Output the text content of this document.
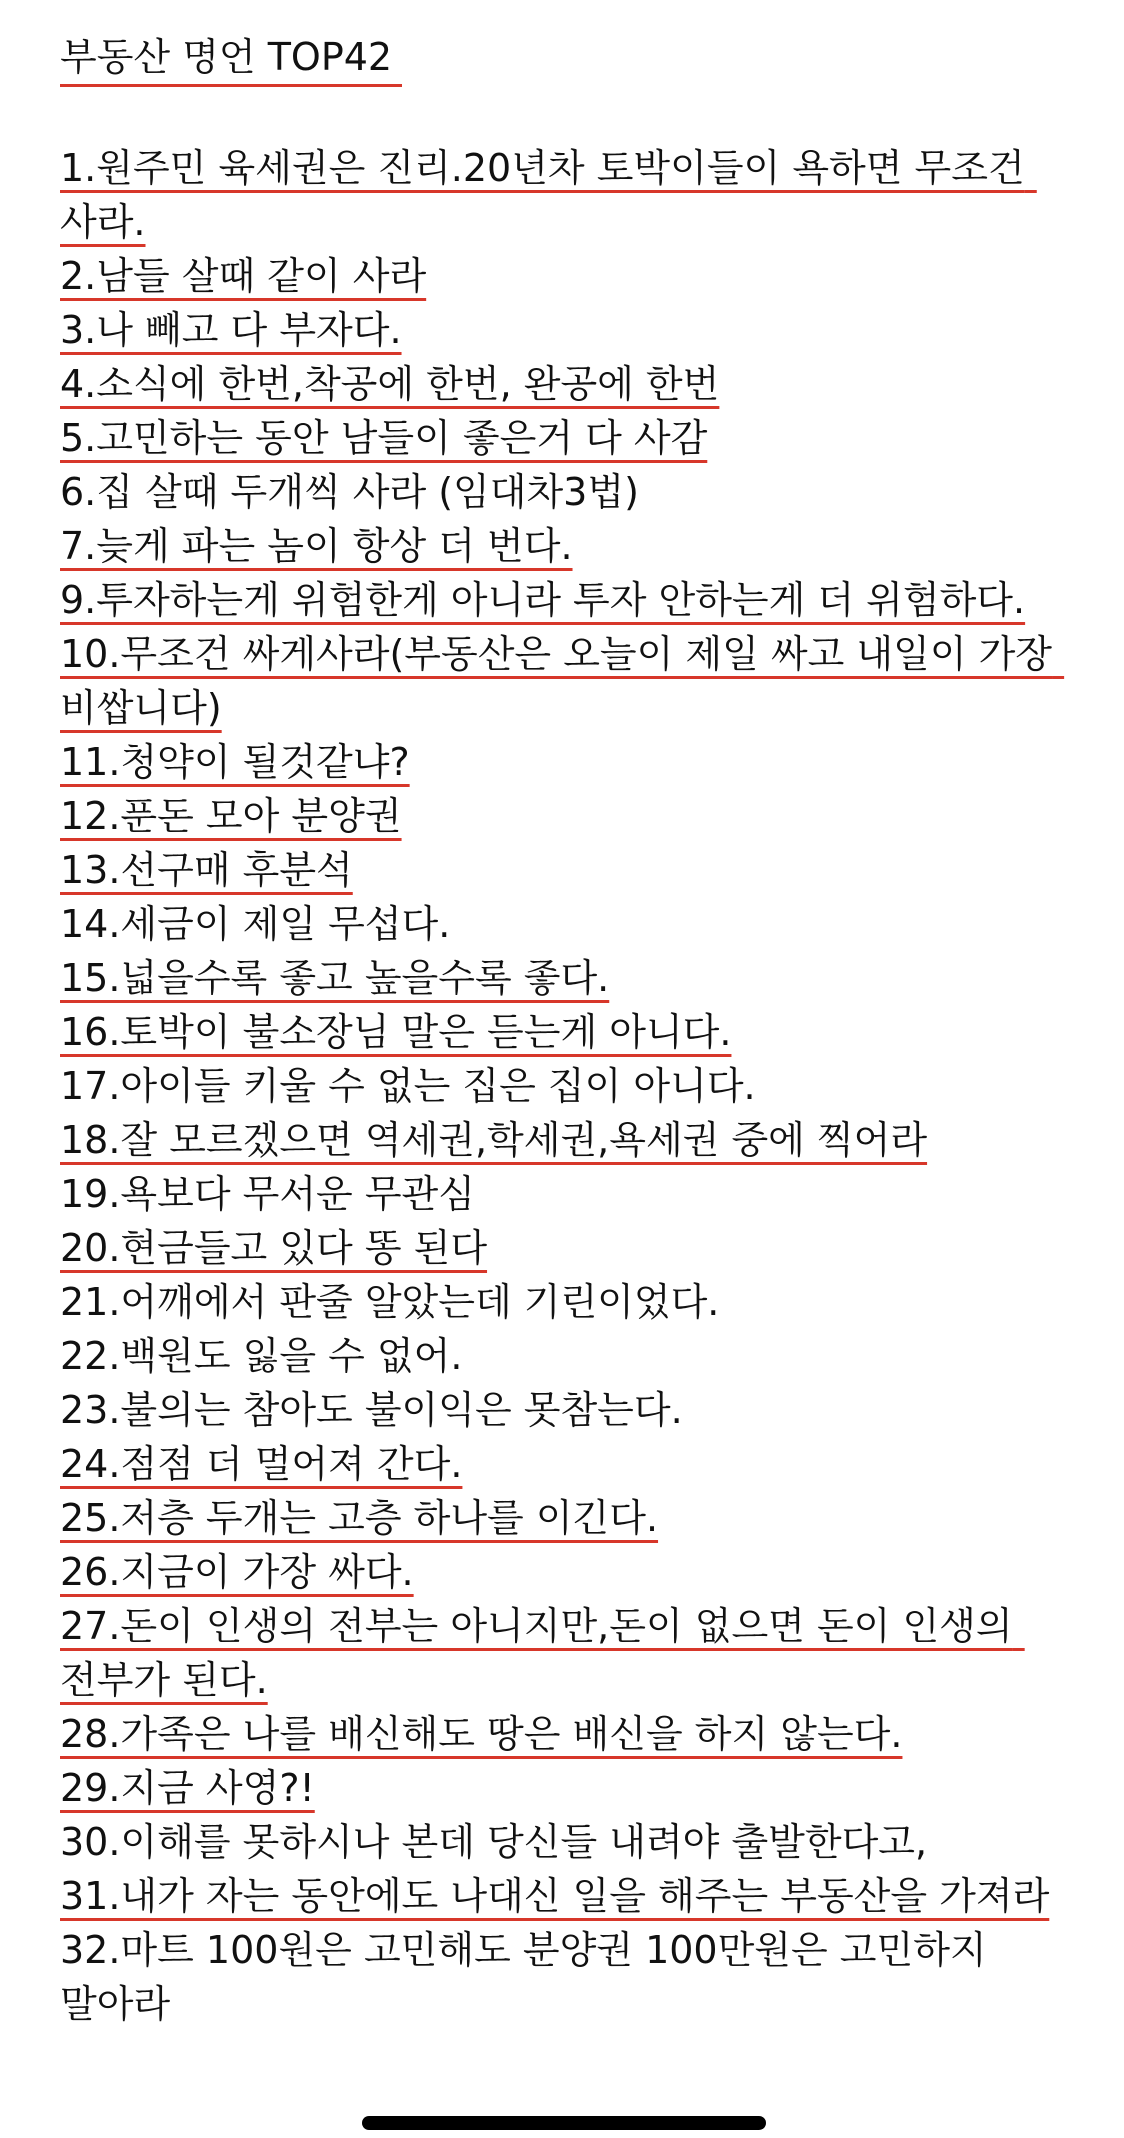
부동산 명언 TOP42
1.원주민 육세권은 진리.20년차 토박이들이 욕하면 무조건 사라.
2.남들 살때 같이 사라
3.나 빼고 다 부자다.
4.소식에 한번,착공에 한번, 완공에 한번
5.고민하는 동안 남들이 좋은거 다 사감
6.집 살때 두개씩 사라 (임대차3법)
7.늦게 파는 놈이 항상 더 번다.
9.투자하는게 위험한게 아니라 투자 안하는게 더 위험하다.
10.무조건 싸게사라(부동산은 오늘이 제일 싸고 내일이 가장 비쌉니다)
11.청약이 될것같냐?
12.푼돈 모아 분양권
13.선구매 후분석
14.세금이 제일 무섭다.
15.넓을수록 좋고 높을수록 좋다.
16.토박이 불소장님 말은 듣는게 아니다.
17.아이들 키울 수 없는 집은 집이 아니다.
18.잘 모르겠으면 역세권,학세권,욕세권 중에 찍어라
19.욕보다 무서운 무관심
20.현금들고 있다 똥 된다
21.어깨에서 판줄 알았는데 기린이었다.
22.백원도 잃을 수 없어.
23.불의는 참아도 불이익은 못참는다.
24.점점 더 멀어져 간다.
25.저층 두개는 고층 하나를 이긴다.
26.지금이 가장 싸다.
27.돈이 인생의 전부는 아니지만,돈이 없으면 돈이 인생의 전부가 된다.
28.가족은 나를 배신해도 땅은 배신을 하지 않는다.
29.지금 사영?!
30.이해를 못하시나 본데 당신들 내려야 출발한다고,
31.내가 자는 동안에도 나대신 일을 해주는 부동산을 가져라
32.마트 100원은 고민해도 분양권 100만원은 고민하지 말아라
